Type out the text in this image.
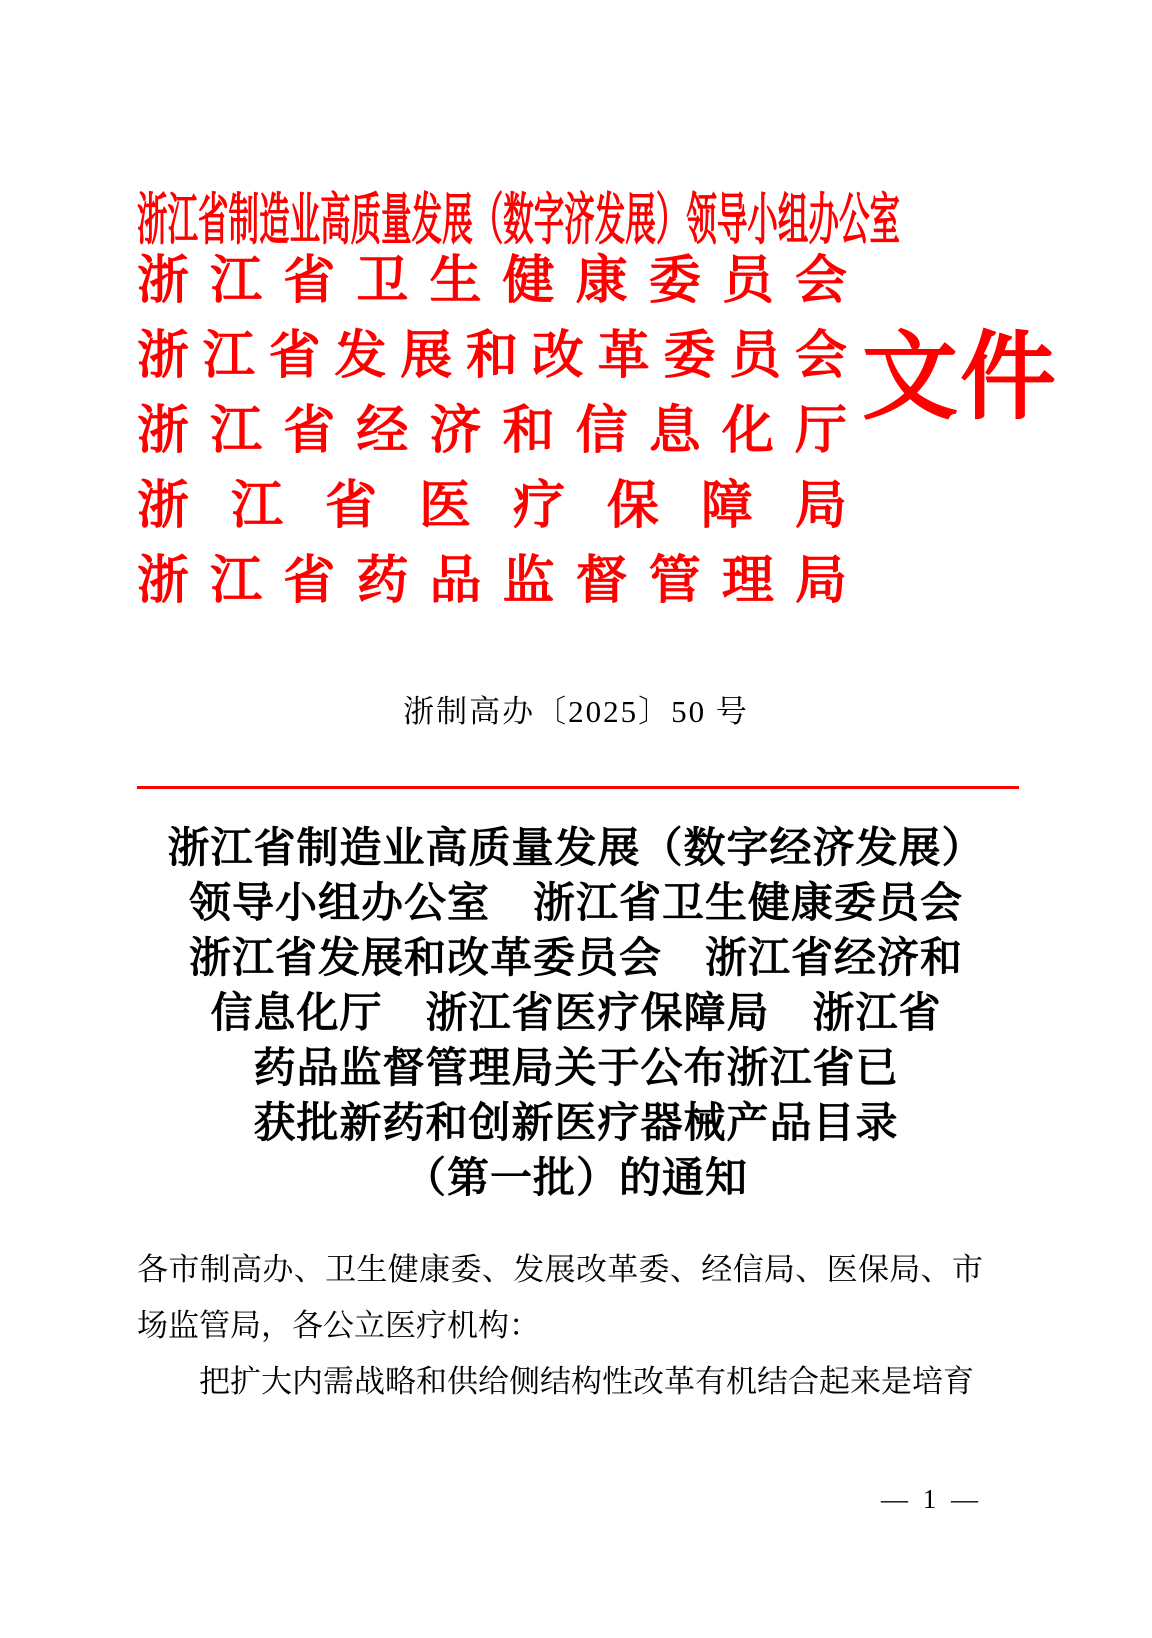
浙江省制造业高质量发展（数字济发展）领导小组办公室
浙 江 省 卫 生 健 康 委 员 会
浙 江 省 发 展 和 改 革 委 员 会
浙 江 省 经 济 和 信 息 化 厅
浙 江 省 医 疗 保 障 局
浙 江 省 药 品 监 督 管 理 局
文件
浙制高办〔2025〕50 号
浙江省制造业高质量发展（数字经济发展）
领导小组办公室　浙江省卫生健康委员会
浙江省发展和改革委员会　浙江省经济和
信息化厅　浙江省医疗保障局　浙江省
药品监督管理局关于公布浙江省已
获批新药和创新医疗器械产品目录
（第一批）的通知
各市制高办、卫生健康委、发展改革委、经信局、医保局、市
场监管局，各公立医疗机构：
把扩大内需战略和供给侧结构性改革有机结合起来是培育
— 1 —
